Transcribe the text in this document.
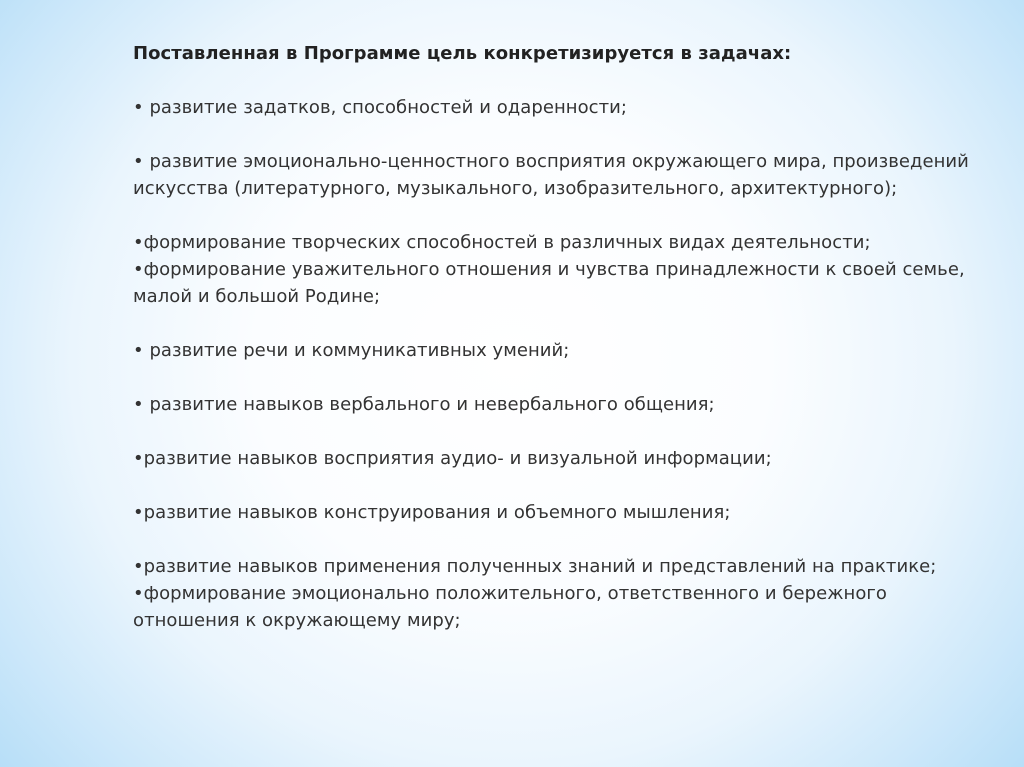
Поставленная в Программе цель конкретизируется в задачах:

• развитие задатков, способностей и одаренности;

• развитие эмоционально-ценностного восприятия окружающего мира, произведений искусства (литературного, музыкального, изобразительного, архитектурного);

•формирование творческих способностей в различных видах деятельности;

•формирование уважительного отношения и чувства принадлежности к своей семье, малой и большой Родине;

• развитие речи и коммуникативных умений;

• развитие навыков вербального и невербального общения;

•развитие навыков восприятия аудио- и визуальной информации;

•развитие навыков конструирования и объемного мышления;

•развитие навыков применения полученных знаний и представлений на практике;

•формирование эмоционально положительного, ответственного и бережного отношения к окружающему миру;
